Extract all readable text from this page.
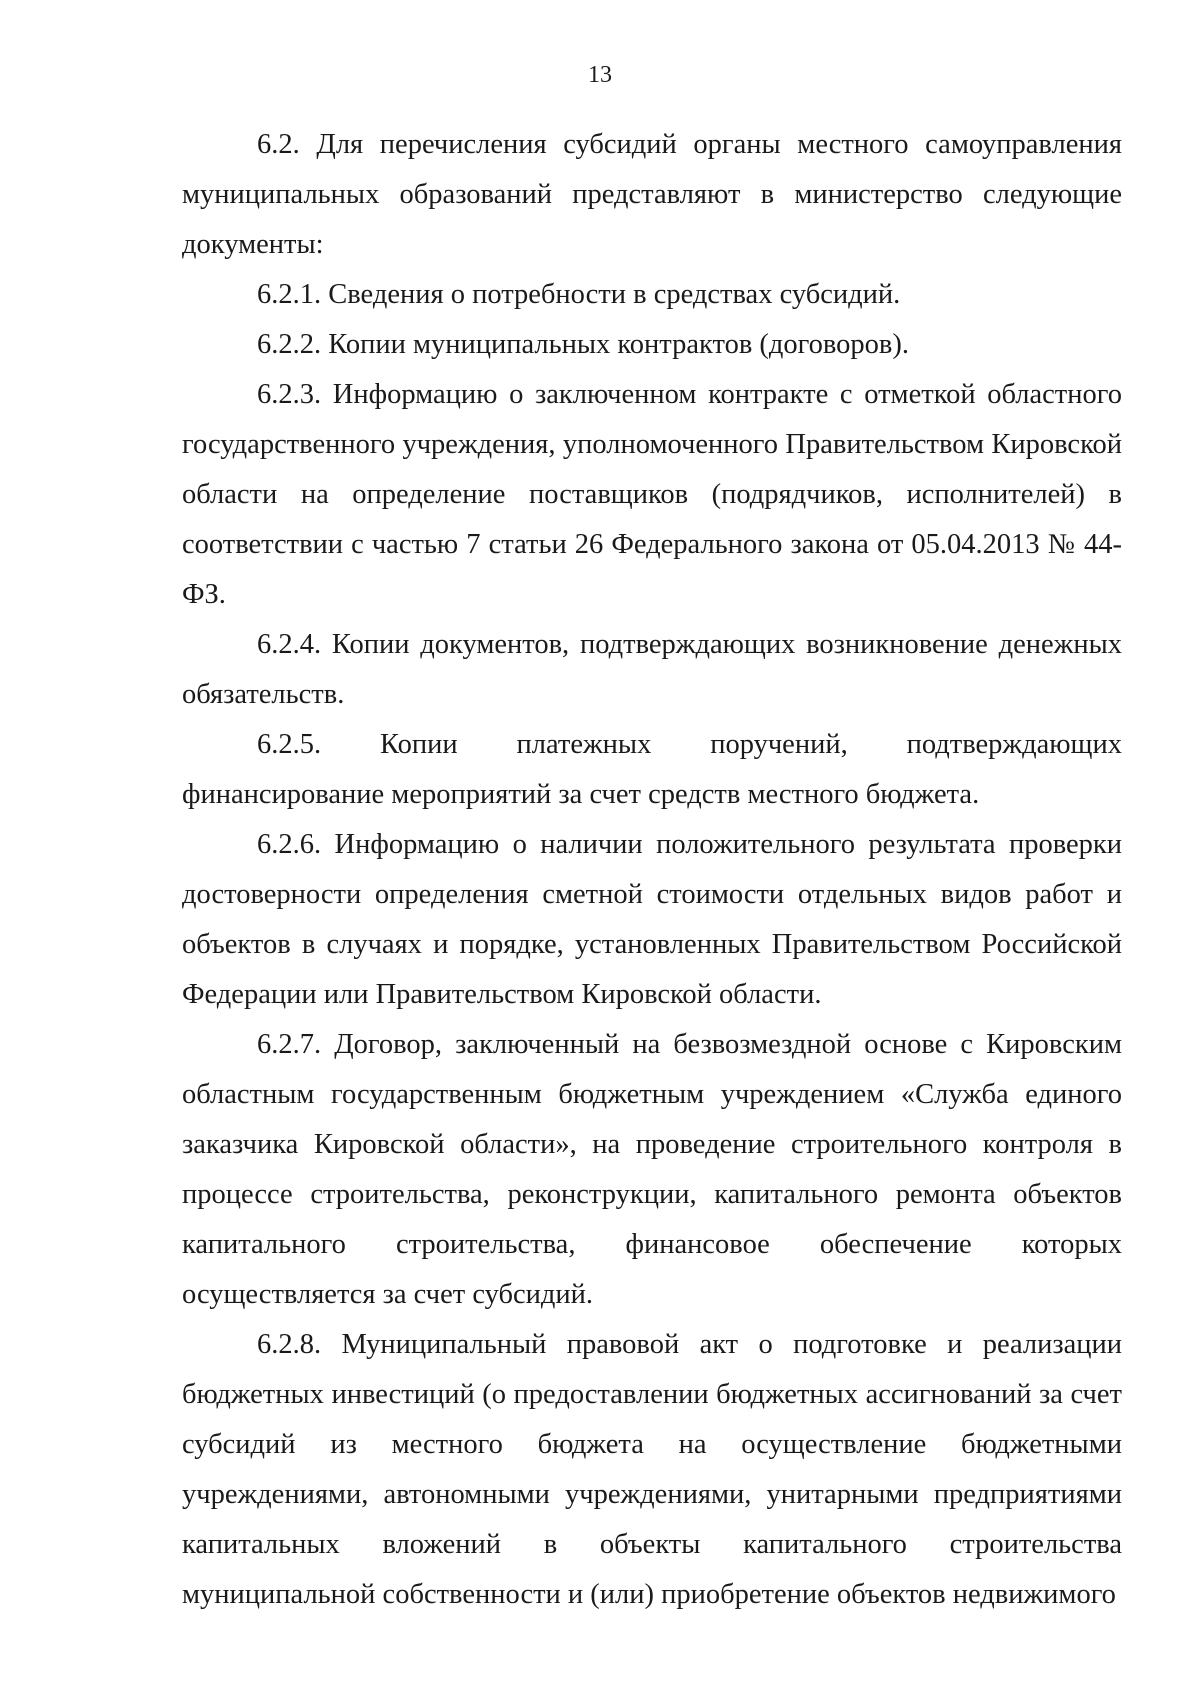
13

6.2. Для перечисления субсидий органы местного самоуправления муниципальных образований представляют в министерство следующие документы:

6.2.1. Сведения о потребности в средствах субсидий.

6.2.2. Копии муниципальных контрактов (договоров).

6.2.3. Информацию о заключенном контракте с отметкой областного государственного учреждения, уполномоченного Правительством Кировской области на определение поставщиков (подрядчиков, исполнителей) в соответствии с частью 7 статьи 26 Федерального закона от 05.04.2013 № 44-ФЗ.

6.2.4. Копии документов, подтверждающих возникновение денежных обязательств.

6.2.5. Копии платежных поручений, подтверждающих финансирование мероприятий за счет средств местного бюджета.

6.2.6. Информацию о наличии положительного результата проверки достоверности определения сметной стоимости отдельных видов работ и объектов в случаях и порядке, установленных Правительством Российской Федерации или Правительством Кировской области.

6.2.7. Договор, заключенный на безвозмездной основе с Кировским областным государственным бюджетным учреждением «Служба единого заказчика Кировской области», на проведение строительного контроля в процессе строительства, реконструкции, капитального ремонта объектов капитального строительства, финансовое обеспечение которых осуществляется за счет субсидий.

6.2.8. Муниципальный правовой акт о подготовке и реализации бюджетных инвестиций (о предоставлении бюджетных ассигнований за счет субсидий из местного бюджета на осуществление бюджетными учреждениями, автономными учреждениями, унитарными предприятиями капитальных вложений в объекты капитального строительства муниципальной собственности и (или) приобретение объектов недвижимого
